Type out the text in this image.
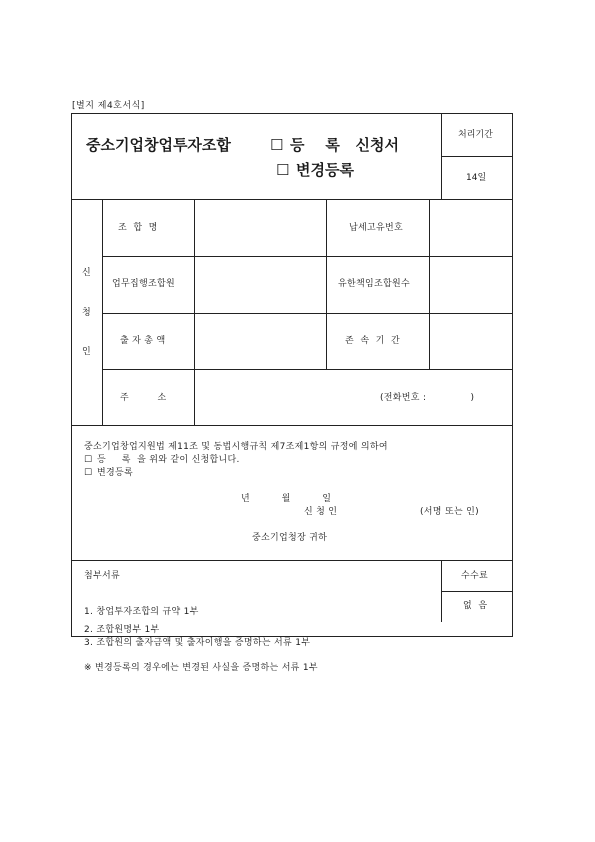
[별지 제4호서식]
중소기업창업투자조합	☐ 등    록   신청서
☐ 변경등록
처리기간
14일
신
청
인
조  합  명	납세고유번호
업무집행조합원	유한책임조합원수
출 자 총 액	존  속  기  간
주         소	(전화번호 :              )
중소기업창업지원법 제11조 및 동법시행규칙 제7조제1항의 규정에 의하여
☐ 등     록  을 위와 같이 신청합니다.
☐ 변경등록
년          월          일
신 청 인	(서명 또는 인)
중소기업청장 귀하
첨부서류	수수료
없  음
1. 창업투자조합의 규약 1부
2. 조합원명부 1부
3. 조합원의 출자금액 및 출자이행을 증명하는 서류 1부
※ 변경등록의 경우에는 변경된 사실을 증명하는 서류 1부
